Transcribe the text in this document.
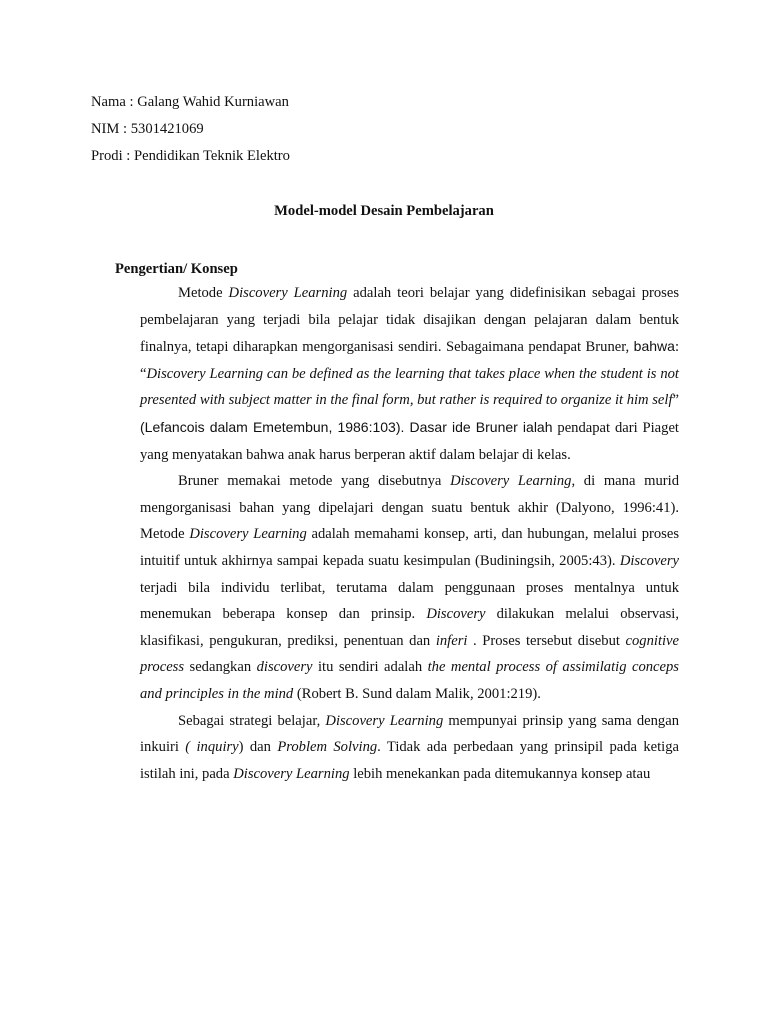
Nama : Galang Wahid Kurniawan
NIM : 5301421069
Prodi : Pendidikan Teknik Elektro
Model-model Desain Pembelajaran
Pengertian/ Konsep

Metode Discovery Learning adalah teori belajar yang didefinisikan sebagai proses pembelajaran yang terjadi bila pelajar tidak disajikan dengan pelajaran dalam bentuk finalnya, tetapi diharapkan mengorganisasi sendiri. Sebagaimana pendapat Bruner, bahwa: “Discovery Learning can be defined as the learning that takes place when the student is not presented with subject matter in the final form, but rather is required to organize it him self” (Lefancois dalam Emetembun, 1986:103). Dasar ide Bruner ialah pendapat dari Piaget yang menyatakan bahwa anak harus berperan aktif dalam belajar di kelas.

Bruner memakai metode yang disebutnya Discovery Learning, di mana murid mengorganisasi bahan yang dipelajari dengan suatu bentuk akhir (Dalyono, 1996:41). Metode Discovery Learning adalah memahami konsep, arti, dan hubungan, melalui proses intuitif untuk akhirnya sampai kepada suatu kesimpulan (Budiningsih, 2005:43). Discovery terjadi bila individu terlibat, terutama dalam penggunaan proses mentalnya untuk menemukan beberapa konsep dan prinsip. Discovery dilakukan melalui observasi, klasifikasi, pengukuran, prediksi, penentuan dan inferi . Proses tersebut disebut cognitive process sedangkan discovery itu sendiri adalah the mental process of assimilatig conceps and principles in the mind (Robert B. Sund dalam Malik, 2001:219).

Sebagai strategi belajar, Discovery Learning mempunyai prinsip yang sama dengan inkuiri ( inquiry) dan Problem Solving. Tidak ada perbedaan yang prinsipil pada ketiga istilah ini, pada Discovery Learning lebih menekankan pada ditemukannya konsep atau
